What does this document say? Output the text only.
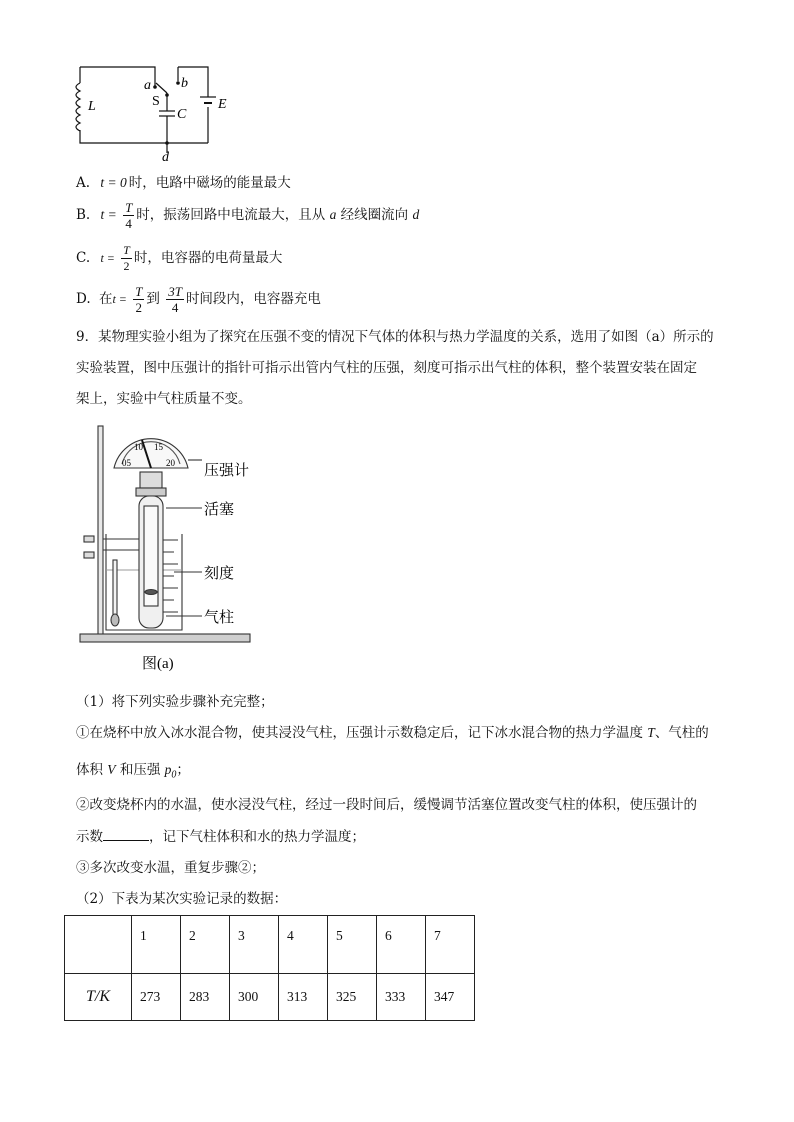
a b
S
L
C
E
d
A. t = 0 时，电路中磁场的能量最大
B. $t = \frac{T}{4}$ 时，振荡回路中电流最大，且从 a 经线圈流向 d
C. $t = \frac{T}{2}$ 时，电容器的电荷量最大
D. 在$t = \frac{T}{2}$ 到 $\frac{3T}{4}$ 时间段内，电容器充电
9．某物理实验小组为了探究在压强不变的情况下气体的体积与热力学温度的关系，选用了如图（a）所示的
实验装置，图中压强计的指针可指示出管内气柱的压强，刻度可指示出气柱的体积，整个装置安装在固定
架上，实验中气柱质量不变。
05
10 15
20 压强计
活塞
刻度
气柱
图(a)
（1）将下列实验步骤补充完整；
①在烧杯中放入冰水混合物，使其浸没气柱，压强计示数稳定后，记下冰水混合物的热力学温度 T、气柱的
体积 V 和压强 $p_0$；
②改变烧杯内的水温，使水浸没气柱，经过一段时间后，缓慢调节活塞位置改变气柱的体积，使压强计的
示数	，记下气柱体积和水的热力学温度；
③多次改变水温，重复步骤②；
（2）下表为某次实验记录的数据：
	1	2	3	4	5	6	7
T/K	273	283	300	313	325	333	347
